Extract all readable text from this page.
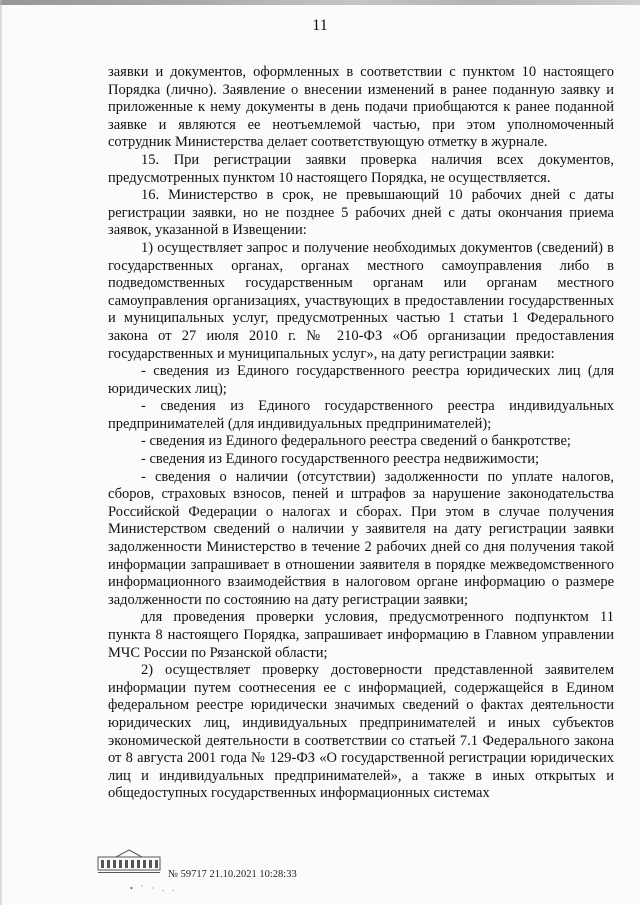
11

заявки и документов, оформленных в соответствии с пунктом 10 настоящего Порядка (лично). Заявление о внесении изменений в ранее поданную заявку и приложенные к нему документы в день подачи приобщаются к ранее поданной заявке и являются ее неотъемлемой частью, при этом уполномоченный сотрудник Министерства делает соответствующую отметку в журнале.

15. При регистрации заявки проверка наличия всех документов, предусмотренных пунктом 10 настоящего Порядка, не осуществляется.

16. Министерство в срок, не превышающий 10 рабочих дней с даты регистрации заявки, но не позднее 5 рабочих дней с даты окончания приема заявок, указанной в Извещении:

1) осуществляет запрос и получение необходимых документов (сведений) в государственных органах, органах местного самоуправления либо в подведомственных государственным органам или органам местного самоуправления организациях, участвующих в предоставлении государственных и муниципальных услуг, предусмотренных частью 1 статьи 1 Федерального закона от 27 июля 2010 г. № 210-ФЗ «Об организации предоставления государственных и муниципальных услуг», на дату регистрации заявки:

- сведения из Единого государственного реестра юридических лиц (для юридических лиц);

- сведения из Единого государственного реестра индивидуальных предпринимателей (для индивидуальных предпринимателей);

- сведения из Единого федерального реестра сведений о банкротстве;

- сведения из Единого государственного реестра недвижимости;

- сведения о наличии (отсутствии) задолженности по уплате налогов, сборов, страховых взносов, пеней и штрафов за нарушение законодательства Российской Федерации о налогах и сборах. При этом в случае получения Министерством сведений о наличии у заявителя на дату регистрации заявки задолженности Министерство в течение 2 рабочих дней со дня получения такой информации запрашивает в отношении заявителя в порядке межведомственного информационного взаимодействия в налоговом органе информацию о размере задолженности по состоянию на дату регистрации заявки;

для проведения проверки условия, предусмотренного подпунктом 11 пункта 8 настоящего Порядка, запрашивает информацию в Главном управлении МЧС России по Рязанской области;

2) осуществляет проверку достоверности представленной заявителем информации путем соотнесения ее с информацией, содержащейся в Едином федеральном реестре юридически значимых сведений о фактах деятельности юридических лиц, индивидуальных предпринимателей и иных субъектов экономической деятельности в соответствии со статьей 7.1 Федерального закона от 8 августа 2001 года № 129-ФЗ «О государственной регистрации юридических лиц и индивидуальных предпринимателей», а также в иных открытых и общедоступных государственных информационных системах

№ 59717 21.10.2021 10:28:33
• ` · . .
